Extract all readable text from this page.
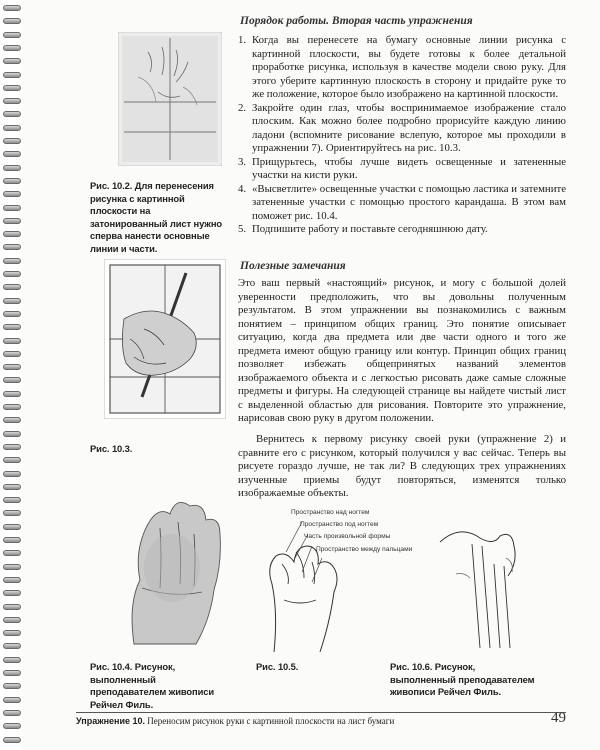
Рис. 10.2. Для перенесения рисунка с картинной плоскости на затонированный лист нужно сперва нанести основные линии и части.
Рис. 10.3.
Рис. 10.4. Рисунок, выполненный преподавателем живописи Рейчел Филь.
Пространство над ногтем
Пространство под ногтем
Часть произвольной формы
Пространство между пальцами
Рис. 10.5.	Рис. 10.6. Рисунок, выполненный преподавателем живописи Рейчел Филь.
Порядок работы. Вторая часть упражнения
1. Когда вы перенесете на бумагу основные линии рисунка с картинной плоскости, вы будете готовы к более детальной проработке рисунка, используя в качестве модели свою руку. Для этого уберите картинную плоскость в сторону и придайте руке то же положение, которое было изображено на картинной плоскости.
2. Закройте один глаз, чтобы воспринимаемое изображение стало плоским. Как можно более подробно прорисуйте каждую линию ладони (вспомните рисование вслепую, которое мы проходили в упражнении 7). Ориентируйтесь на рис. 10.3.
3. Прищурьтесь, чтобы лучше видеть освещенные и затененные участки на кисти руки.
4. «Высветлите» освещенные участки с помощью ластика и затемните затененные участки с помощью простого карандаша. В этом вам поможет рис. 10.4.
5. Подпишите работу и поставьте сегодняшнюю дату.
Полезные замечания

Это ваш первый «настоящий» рисунок, и могу с большой долей уверенности предположить, что вы довольны полученным результатом. В этом упражнении вы познакомились с важным понятием – принципом общих границ. Это понятие описывает ситуацию, когда два предмета или две части одного и того же предмета имеют общую границу или контур. Принцип общих границ позволяет избежать общепринятых названий элементов изображаемого объекта и с легкостью рисовать даже самые сложные предметы и фигуры. На следующей странице вы найдете чистый лист с выделенной областью для рисования. Повторите это упражнение, нарисовав свою руку в другом положении.

Вернитесь к первому рисунку своей руки (упражнение 2) и сравните его с рисунком, который получился у вас сейчас. Теперь вы рисуете гораздо лучше, не так ли? В следующих трех упражнениях изученные приемы будут повторяться, изменятся только изображаемые объекты.

Упражнение 10. Переносим рисунок руки с картинной плоскости на лист бумаги	49
